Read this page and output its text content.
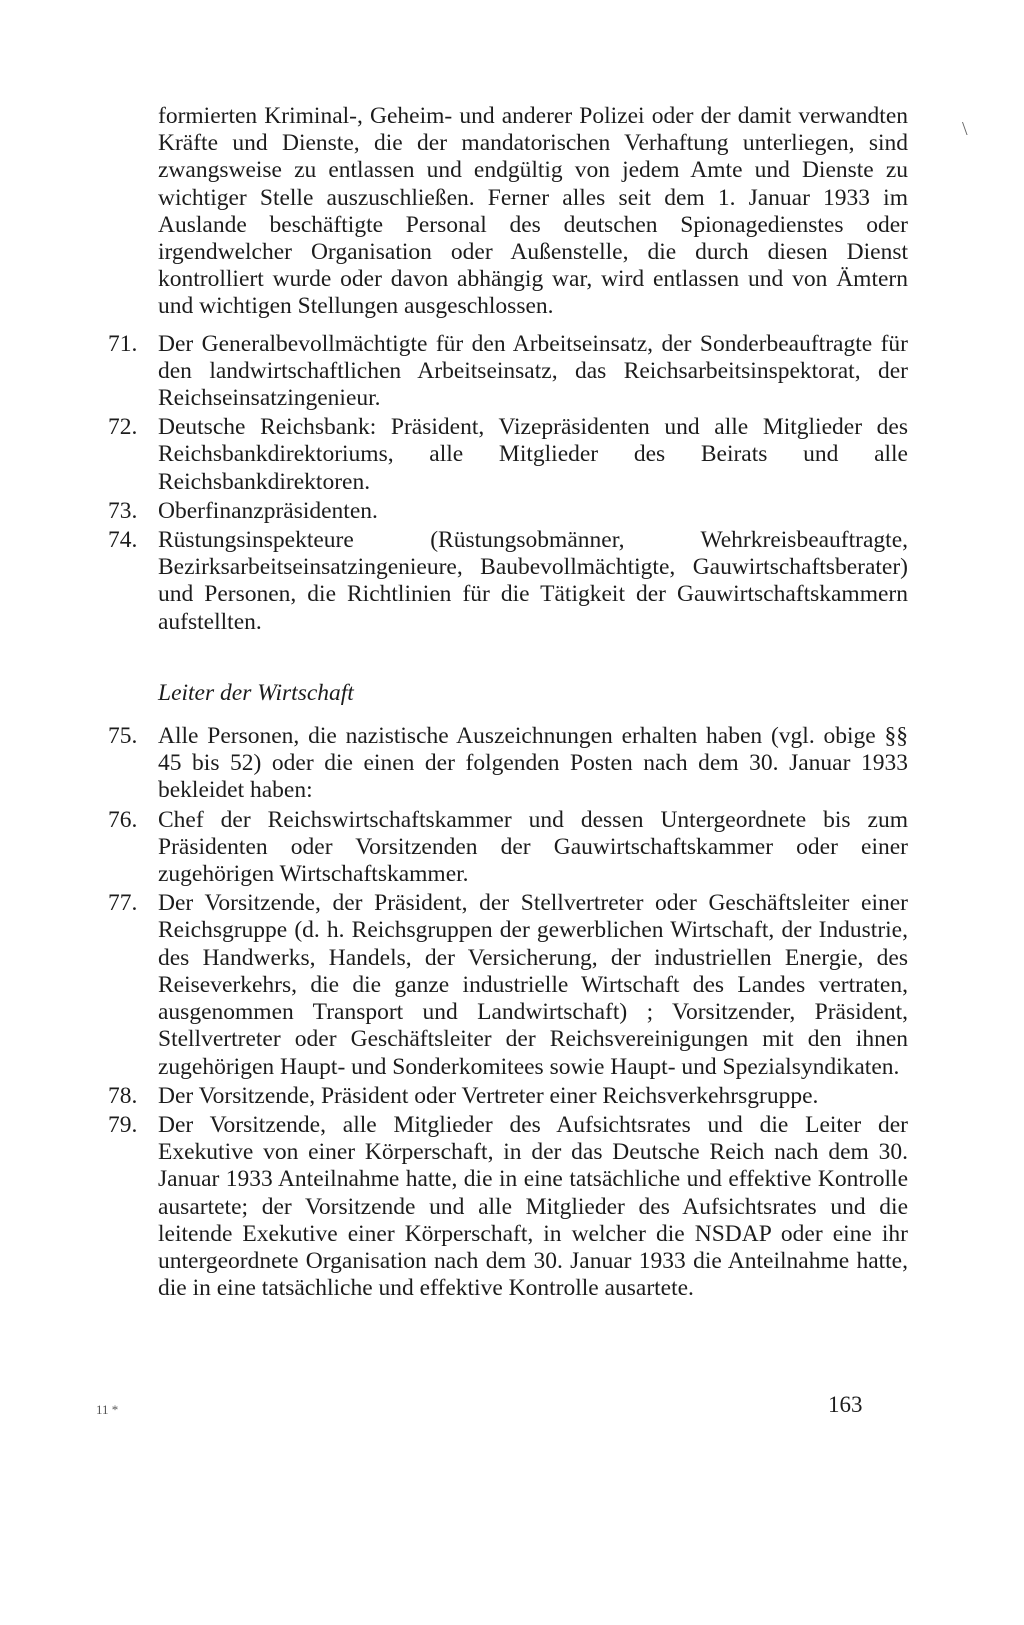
\

formierten Kriminal-, Geheim- und anderer Polizei oder der damit verwandten Kräfte und Dienste, die der mandatorischen Verhaftung unterliegen, sind zwangsweise zu entlassen und endgültig von jedem Amte und Dienste zu wichtiger Stelle auszuschließen. Ferner alles seit dem 1. Januar 1933 im Auslande beschäftigte Personal des deutschen Spionagedienstes oder irgendwelcher Organisation oder Außenstelle, die durch diesen Dienst kontrolliert wurde oder davon abhängig war, wird entlassen und von Ämtern und wichtigen Stellungen ausgeschlossen.

71. Der Generalbevollmächtigte für den Arbeitseinsatz, der Sonderbeauftragte für den landwirtschaftlichen Arbeitseinsatz, das Reichsarbeitsinspektorat, der Reichseinsatzingenieur.
72. Deutsche Reichsbank: Präsident, Vizepräsidenten und alle Mitglieder des Reichsbankdirektoriums, alle Mitglieder des Beirats und alle Reichsbankdirektoren.
73. Oberfinanzpräsidenten.
74. Rüstungsinspekteure (Rüstungsobmänner, Wehrkreisbeauftragte, Bezirksarbeitseinsatzingenieure, Baubevollmächtigte, Gauwirtschaftsberater) und Personen, die Richtlinien für die Tätigkeit der Gauwirtschaftskammern aufstellten.
Leiter der Wirtschaft
75. Alle Personen, die nazistische Auszeichnungen erhalten haben (vgl. obige §§ 45 bis 52) oder die einen der folgenden Posten nach dem 30. Januar 1933 bekleidet haben:
76. Chef der Reichswirtschaftskammer und dessen Untergeordnete bis zum Präsidenten oder Vorsitzenden der Gauwirtschaftskammer oder einer zugehörigen Wirtschaftskammer.
77. Der Vorsitzende, der Präsident, der Stellvertreter oder Geschäftsleiter einer Reichsgruppe (d. h. Reichsgruppen der gewerblichen Wirtschaft, der Industrie, des Handwerks, Handels, der Versicherung, der industriellen Energie, des Reiseverkehrs, die die ganze industrielle Wirtschaft des Landes vertraten, ausgenommen Transport und Landwirtschaft) ; Vorsitzender, Präsident, Stellvertreter oder Geschäftsleiter der Reichsvereinigungen mit den ihnen zugehörigen Haupt- und Sonderkomitees sowie Haupt- und Spezialsyndikaten.
78. Der Vorsitzende, Präsident oder Vertreter einer Reichsverkehrsgruppe.
79. Der Vorsitzende, alle Mitglieder des Aufsichtsrates und die Leiter der Exekutive von einer Körperschaft, in der das Deutsche Reich nach dem 30. Januar 1933 Anteilnahme hatte, die in eine tatsächliche und effektive Kontrolle ausartete; der Vorsitzende und alle Mitglieder des Aufsichtsrates und die leitende Exekutive einer Körperschaft, in welcher die NSDAP oder eine ihr untergeordnete Organisation nach dem 30. Januar 1933 die Anteilnahme hatte, die in eine tatsächliche und effektive Kontrolle ausartete.
11 *	163
